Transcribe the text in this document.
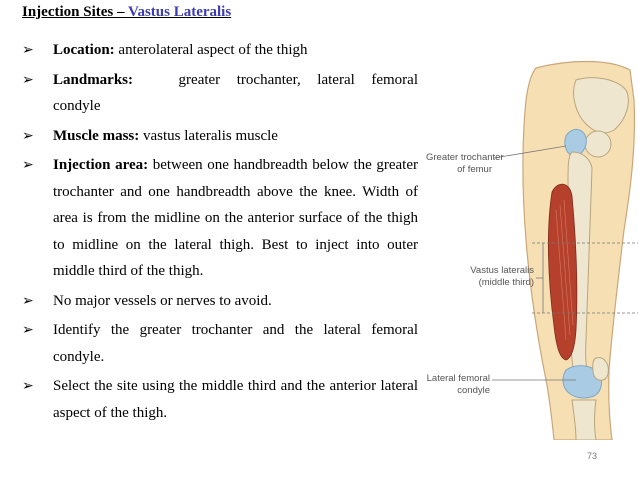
Injection Sites – Vastus Lateralis
➢ Location: anterolateral aspect of the thigh
➢ Landmarks:	greater trochanter, lateral femoral condyle
➢ Muscle mass: vastus lateralis muscle
➢ Injection area: between one handbreadth below the greater trochanter and one handbreadth above the knee. Width of area is from the midline on the anterior surface of the thigh to midline on the lateral thigh. Best to inject into outer middle third of the thigh.
➢ No major vessels or nerves to avoid.
➢ Identify the greater trochanter and the lateral femoral condyle.
➢ Select the site using the middle third and the anterior lateral aspect of the thigh.
Greater trochanter
of femur
Vastus lateralis
(middle third)
Lateral femoral
condyle
73
